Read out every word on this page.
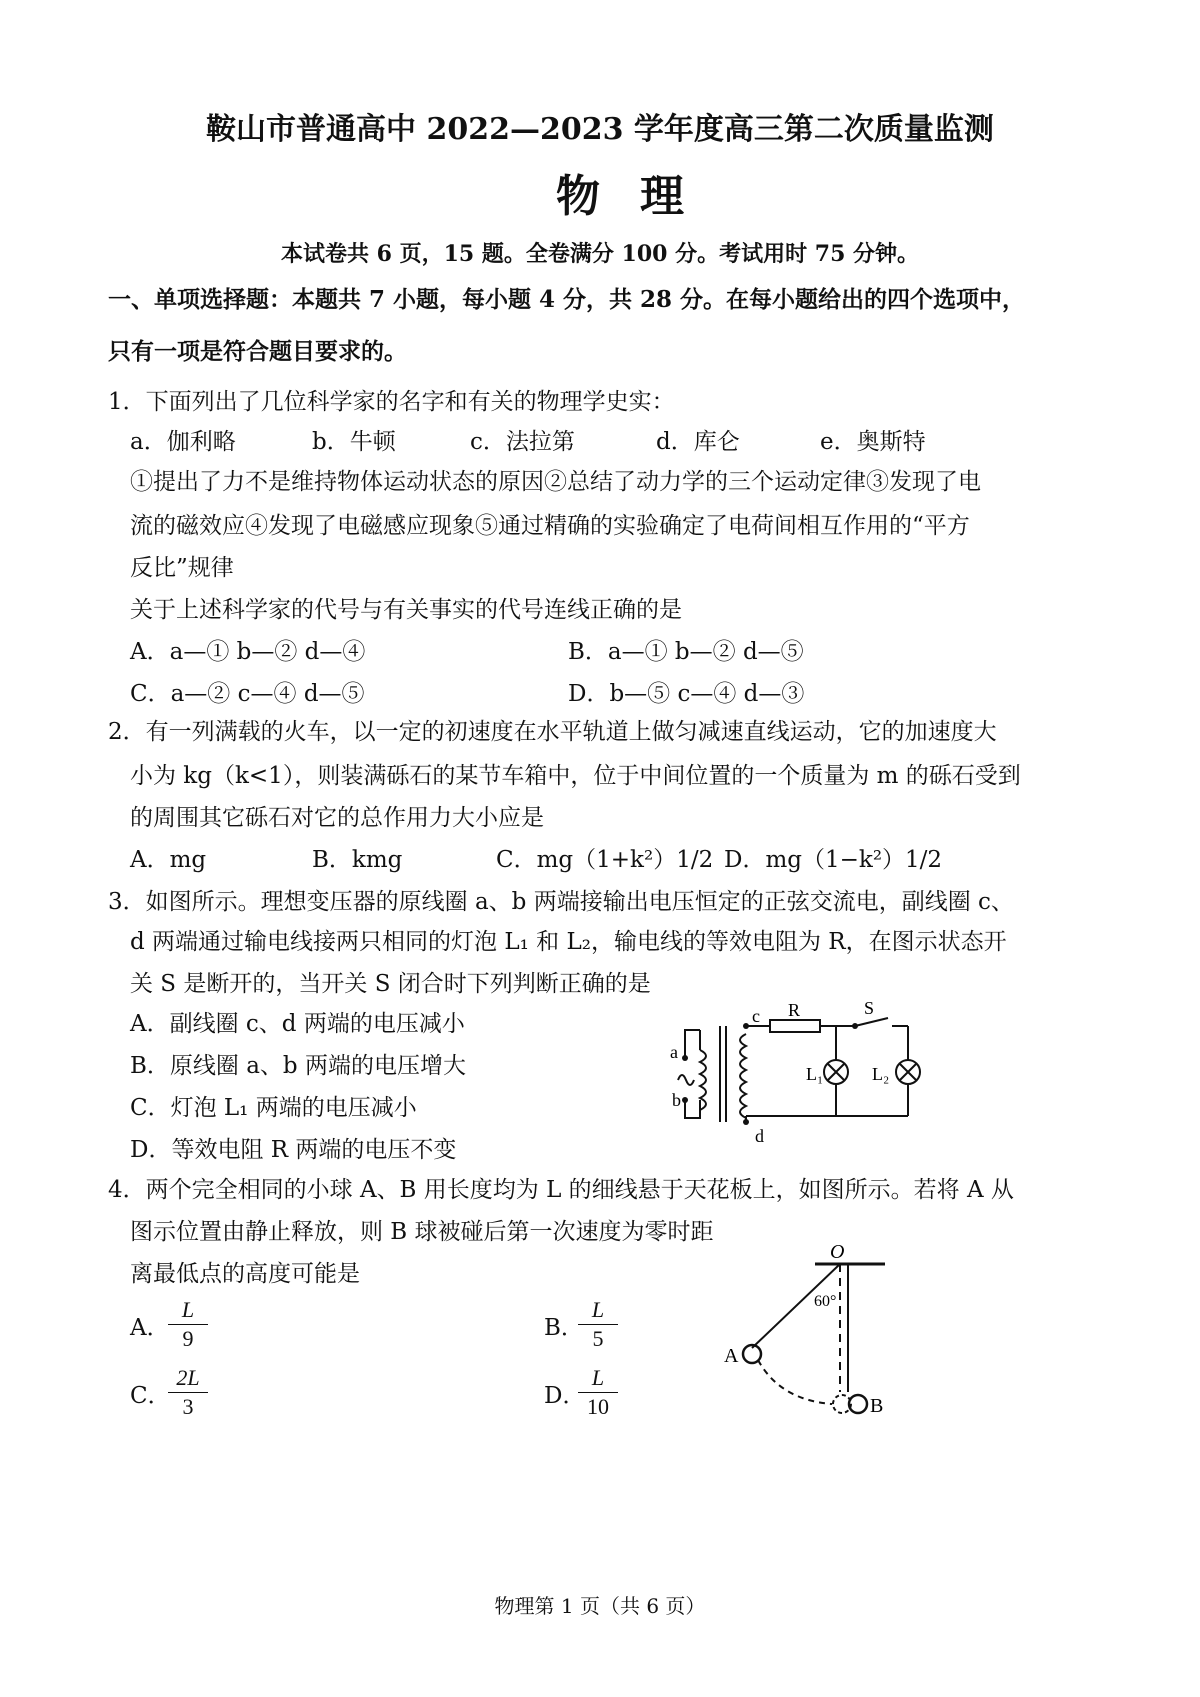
鞍山市普通高中 2022—2023 学年度高三第二次质量监测
物理
本试卷共 6 页，15 题。全卷满分 100 分。考试用时 75 分钟。
一、单项选择题：本题共 7 小题，每小题 4 分，共 28 分。在每小题给出的四个选项中，
只有一项是符合题目要求的。
1．下面列出了几位科学家的名字和有关的物理学史实：
a．伽利略	b．牛顿	c．法拉第	d．库仑	e．奥斯特
①提出了力不是维持物体运动状态的原因②总结了动力学的三个运动定律③发现了电
流的磁效应④发现了电磁感应现象⑤通过精确的实验确定了电荷间相互作用的“平方
反比”规律
关于上述科学家的代号与有关事实的代号连线正确的是
A．a—① b—② d—④	B．a—① b—② d—⑤
C．a—② c—④ d—⑤	D．b—⑤ c—④ d—③
2．有一列满载的火车，以一定的初速度在水平轨道上做匀减速直线运动，它的加速度大
小为 kg（k<1），则装满砾石的某节车箱中，位于中间位置的一个质量为 m 的砾石受到
的周围其它砾石对它的总作用力大小应是
A．mg	B．kmg	C．mg（1+k²）1/2 D．mg（1−k²）1/2
3．如图所示。理想变压器的原线圈 a、b 两端接输出电压恒定的正弦交流电，副线圈 c、
d 两端通过输电线接两只相同的灯泡 L₁ 和 L₂，输电线的等效电阻为 R，在图示状态开
关 S 是断开的，当开关 S 闭合时下列判断正确的是
A．副线圈 c、d 两端的电压减小
B．原线圈 a、b 两端的电压增大
C．灯泡 L₁ 两端的电压减小
D．等效电阻 R 两端的电压不变
a
b
c
d
R	S
L₁	L₂
4．两个完全相同的小球 A、B 用长度均为 L 的细线悬于天花板上，如图所示。若将 A 从
图示位置由静止释放，则 B 球被碰后第一次速度为零时距
离最低点的高度可能是
A．
$\frac{L}{9}$	B．
$\frac{L}{5}$
C．
$\frac{2L}{3}$	D．
$\frac{L}{10}$
O
60°
A
B
物理第 1 页（共 6 页）
